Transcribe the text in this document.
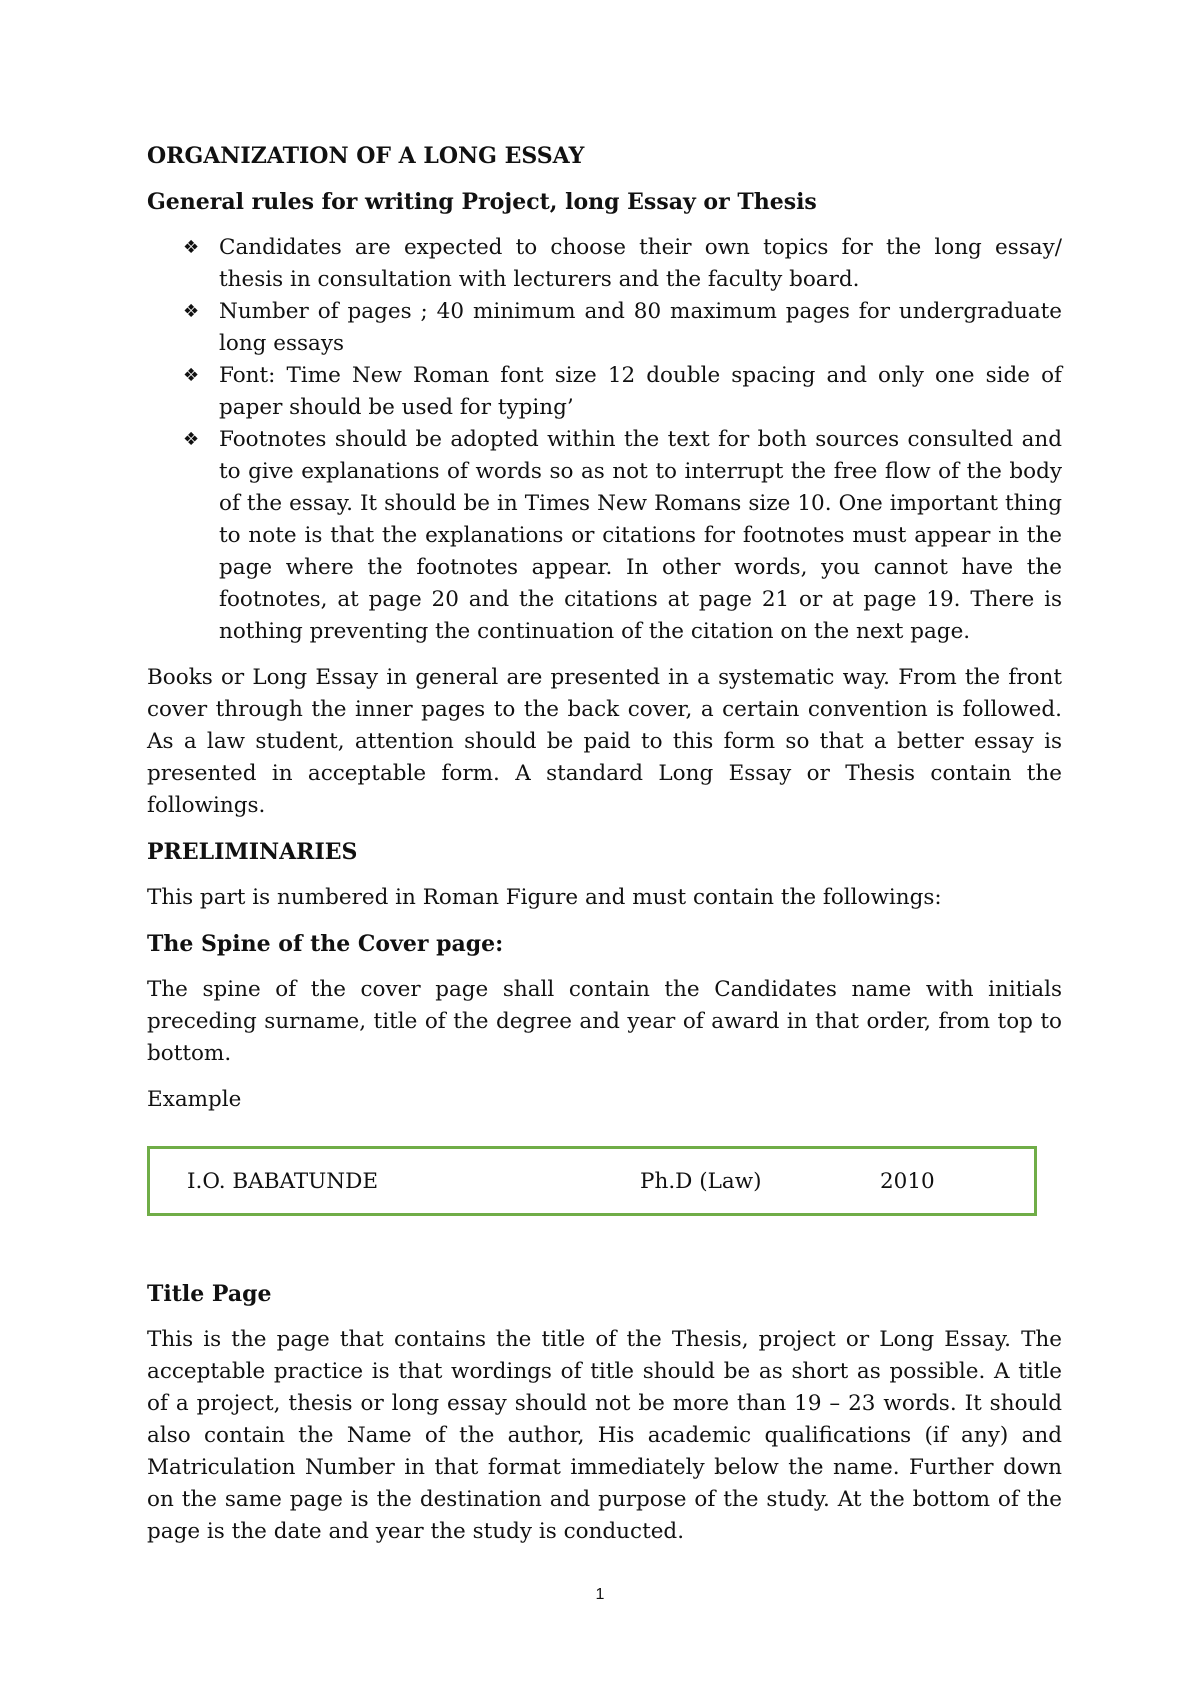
ORGANIZATION OF A LONG ESSAY
General rules for writing Project, long Essay or Thesis
❖ Candidates are expected to choose their own topics for the long essay/ thesis in consultation with lecturers and the faculty board.
❖ Number of pages ; 40 minimum and 80 maximum pages for undergraduate long essays
❖ Font: Time New Roman font size 12 double spacing and only one side of paper should be used for typing’
❖ Footnotes should be adopted within the text for both sources consulted and to give explanations of words so as not to interrupt the free flow of the body of the essay. It should be in Times New Romans size 10. One important thing to note is that the explanations or citations for footnotes must appear in the page where the footnotes appear. In other words, you cannot have the footnotes, at page 20 and the citations at page 21 or at page 19. There is nothing preventing the continuation of the citation on the next page.
Books or Long Essay in general are presented in a systematic way. From the front cover through the inner pages to the back cover, a certain convention is followed. As a law student, attention should be paid to this form so that a better essay is presented in acceptable form. A standard Long Essay or Thesis contain the followings.
PRELIMINARIES
This part is numbered in Roman Figure and must contain the followings:
The Spine of the Cover page:
The spine of the cover page shall contain the Candidates name with initials preceding surname, title of the degree and year of award in that order, from top to bottom.
Example
I.O. BABATUNDE	Ph.D (Law)	2010
Title Page
This is the page that contains the title of the Thesis, project or Long Essay. The acceptable practice is that wordings of title should be as short as possible. A title of a project, thesis or long essay should not be more than 19 – 23 words. It should also contain the Name of the author, His academic qualifications (if any) and Matriculation Number in that format immediately below the name. Further down on the same page is the destination and purpose of the study. At the bottom of the page is the date and year the study is conducted.
1
